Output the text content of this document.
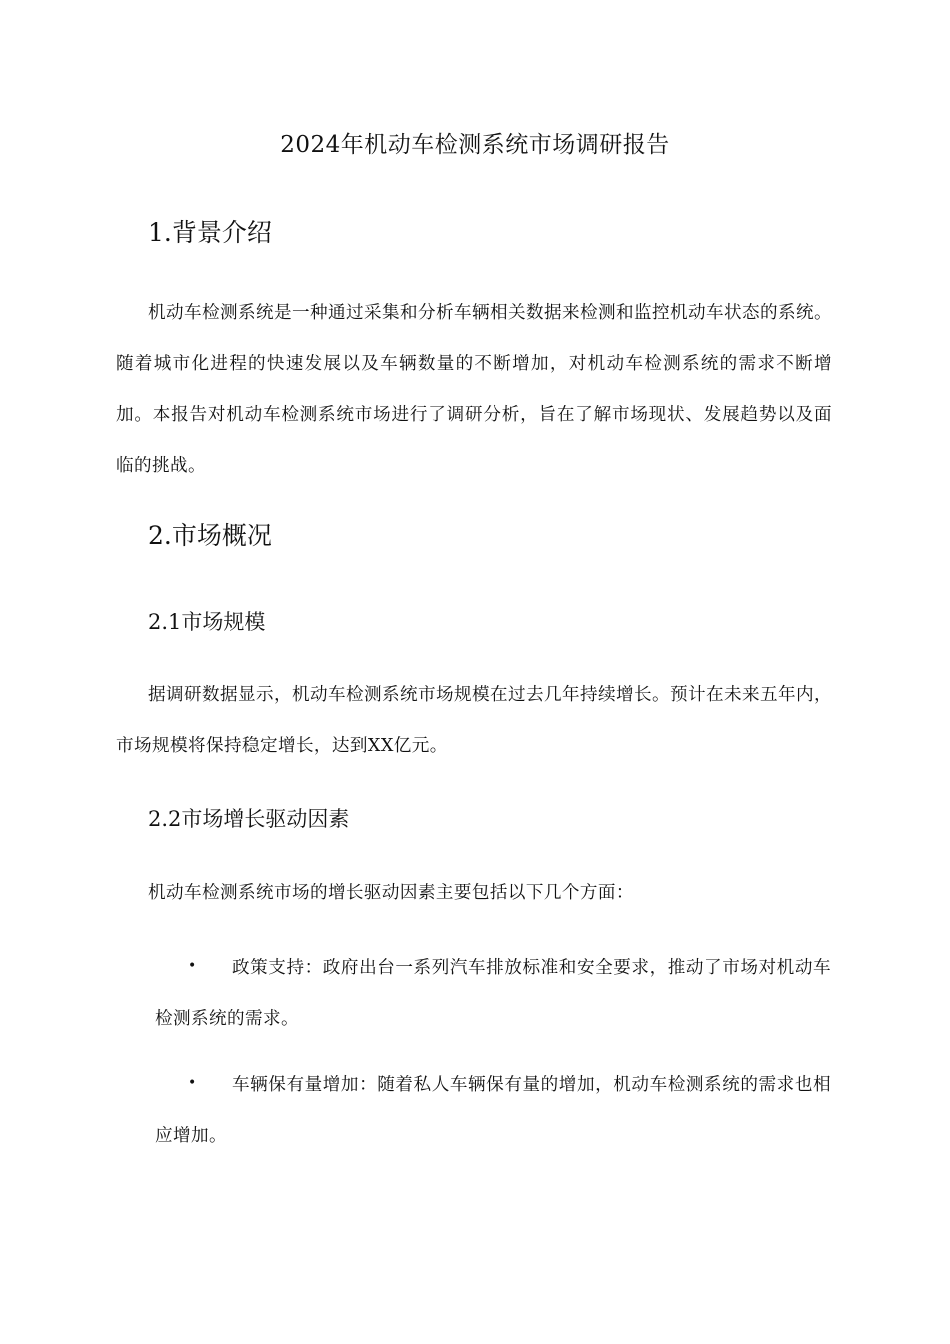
2024年机动车检测系统市场调研报告
1.背景介绍
机动车检测系统是一种通过采集和分析车辆相关数据来检测和监控机动车状态的系统。随着城市化进程的快速发展以及车辆数量的不断增加，对机动车检测系统的需求不断增加。本报告对机动车检测系统市场进行了调研分析，旨在了解市场现状、发展趋势以及面临的挑战。
2.市场概况
2.1市场规模
据调研数据显示，机动车检测系统市场规模在过去几年持续增长。预计在未来五年内，市场规模将保持稳定增长，达到XX亿元。
2.2市场增长驱动因素
机动车检测系统市场的增长驱动因素主要包括以下几个方面：
•	政策支持：政府出台一系列汽车排放标准和安全要求，推动了市场对机动车检测系统的需求。
•	车辆保有量增加：随着私人车辆保有量的增加，机动车检测系统的需求也相应增加。
